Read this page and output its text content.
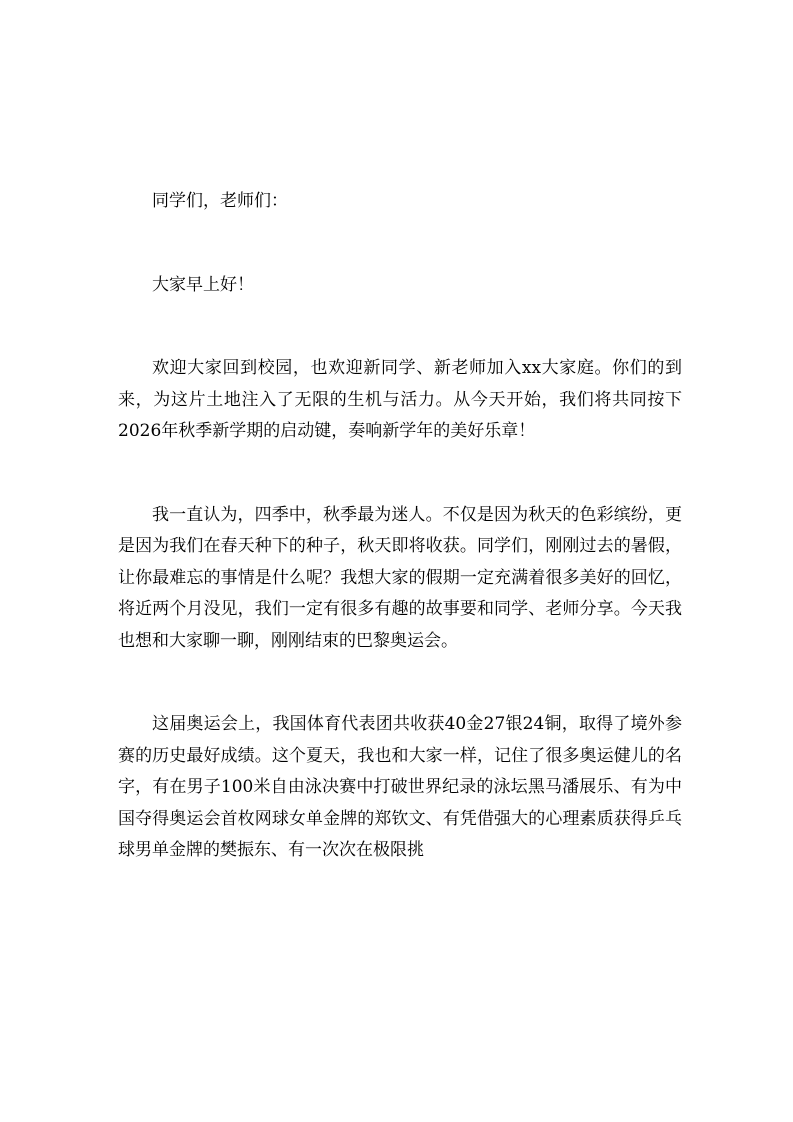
同学们，老师们：

大家早上好！

欢迎大家回到校园，也欢迎新同学、新老师加入xx大家庭。你们的到来，为这片土地注入了无限的生机与活力。从今天开始，我们将共同按下2026年秋季新学期的启动键，奏响新学年的美好乐章！

我一直认为，四季中，秋季最为迷人。不仅是因为秋天的色彩缤纷，更是因为我们在春天种下的种子，秋天即将收获。同学们，刚刚过去的暑假，让你最难忘的事情是什么呢？我想大家的假期一定充满着很多美好的回忆，将近两个月没见，我们一定有很多有趣的故事要和同学、老师分享。今天我也想和大家聊一聊，刚刚结束的巴黎奥运会。

这届奥运会上，我国体育代表团共收获40金27银24铜，取得了境外参赛的历史最好成绩。这个夏天，我也和大家一样，记住了很多奥运健儿的名字，有在男子100米自由泳决赛中打破世界纪录的泳坛黑马潘展乐、有为中国夺得奥运会首枚网球女单金牌的郑钦文、有凭借强大的心理素质获得乒乓球男单金牌的樊振东、有一次次在极限挑
